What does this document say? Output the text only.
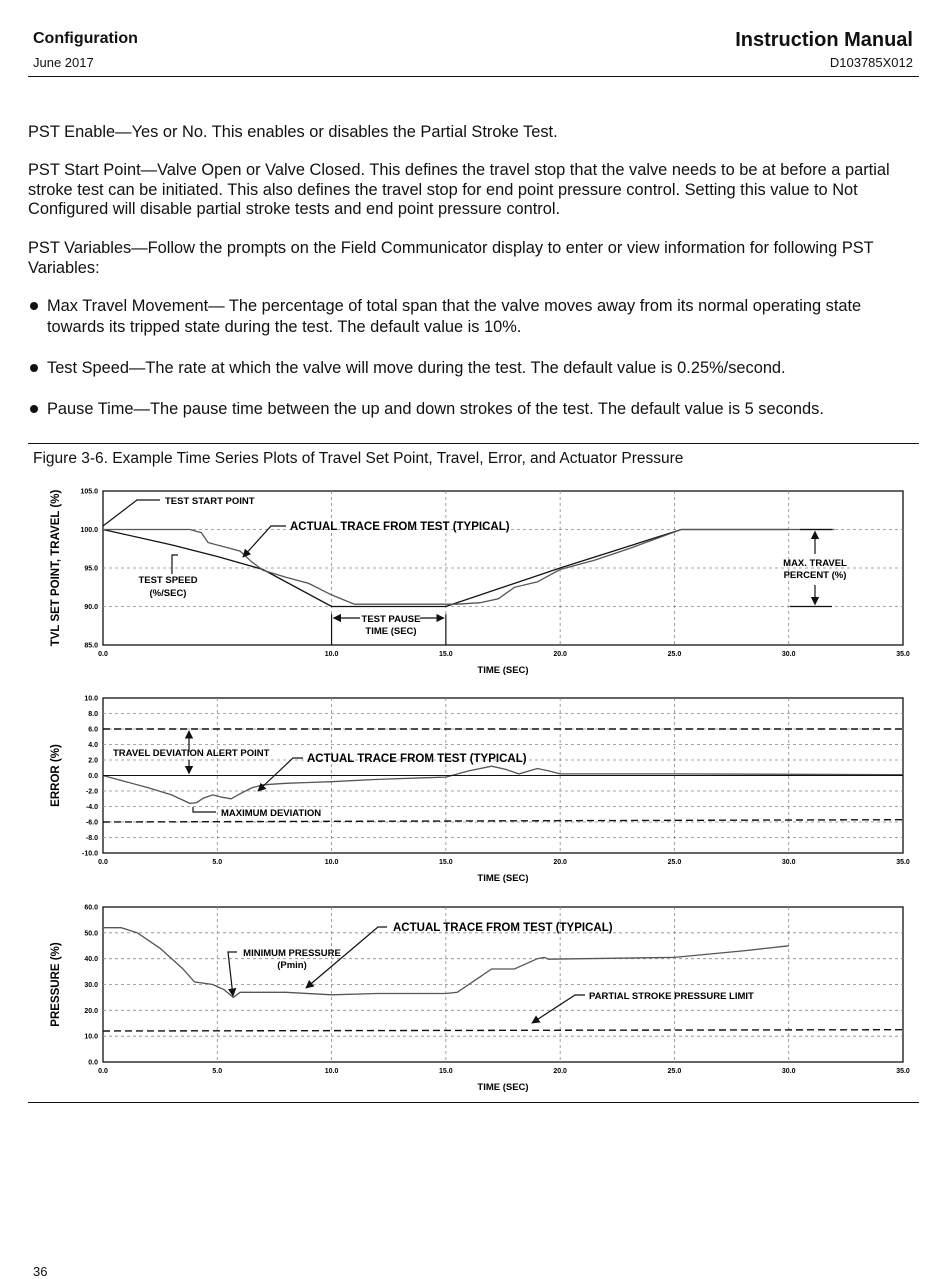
Configuration
June 2017
Instruction Manual
D103785X012
PST Enable—Yes or No. This enables or disables the Partial Stroke Test.
PST Start Point—Valve Open or Valve Closed. This defines the travel stop that the valve needs to be at before a partial stroke test can be initiated. This also defines the travel stop for end point pressure control. Setting this value to Not Configured will disable partial stroke tests and end point pressure control.
PST Variables—Follow the prompts on the Field Communicator display to enter or view information for following PST Variables:
Max Travel Movement— The percentage of total span that the valve moves away from its normal operating state towards its tripped state during the test. The default value is 10%.
Test Speed—The rate at which the valve will move during the test. The default value is 0.25%/second.
Pause Time—The pause time between the up and down strokes of the test. The default value is 5 seconds.
Figure 3-6. Example Time Series Plots of Travel Set Point, Travel, Error, and Actuator Pressure
105.0
100.0
95.0
90.0
85.0
0.0	10.0	15.0	20.0	25.0	30.0	35.0
TIME (SEC)
TVL SET POINT, TRAVEL (%)	TEST START POINT
ACTUAL TRACE FROM TEST (TYPICAL)
TEST SPEED
(%/SEC)
TEST PAUSE
TIME (SEC)
MAX. TRAVEL
PERCENT (%)
10.0
8.0
6.0
4.0
2.0
0.0
-2.0
-4.0
-6.0
-8.0
-10.0
0.0	5.0	10.0	15.0	20.0	25.0	30.0	35.0
TIME (SEC)
ERROR (%)	TRAVEL DEVIATION ALERT POINT	ACTUAL TRACE FROM TEST (TYPICAL)
MAXIMUM DEVIATION
60.0
50.0
40.0
30.0
20.0
10.0
0.0
0.0	5.0	10.0	15.0	20.0	25.0	30.0	35.0
TIME (SEC)
PRESSURE (%)
ACTUAL TRACE FROM TEST (TYPICAL)
MINIMUM PRESSURE
(Pmin)
PARTIAL STROKE PRESSURE LIMIT
36
